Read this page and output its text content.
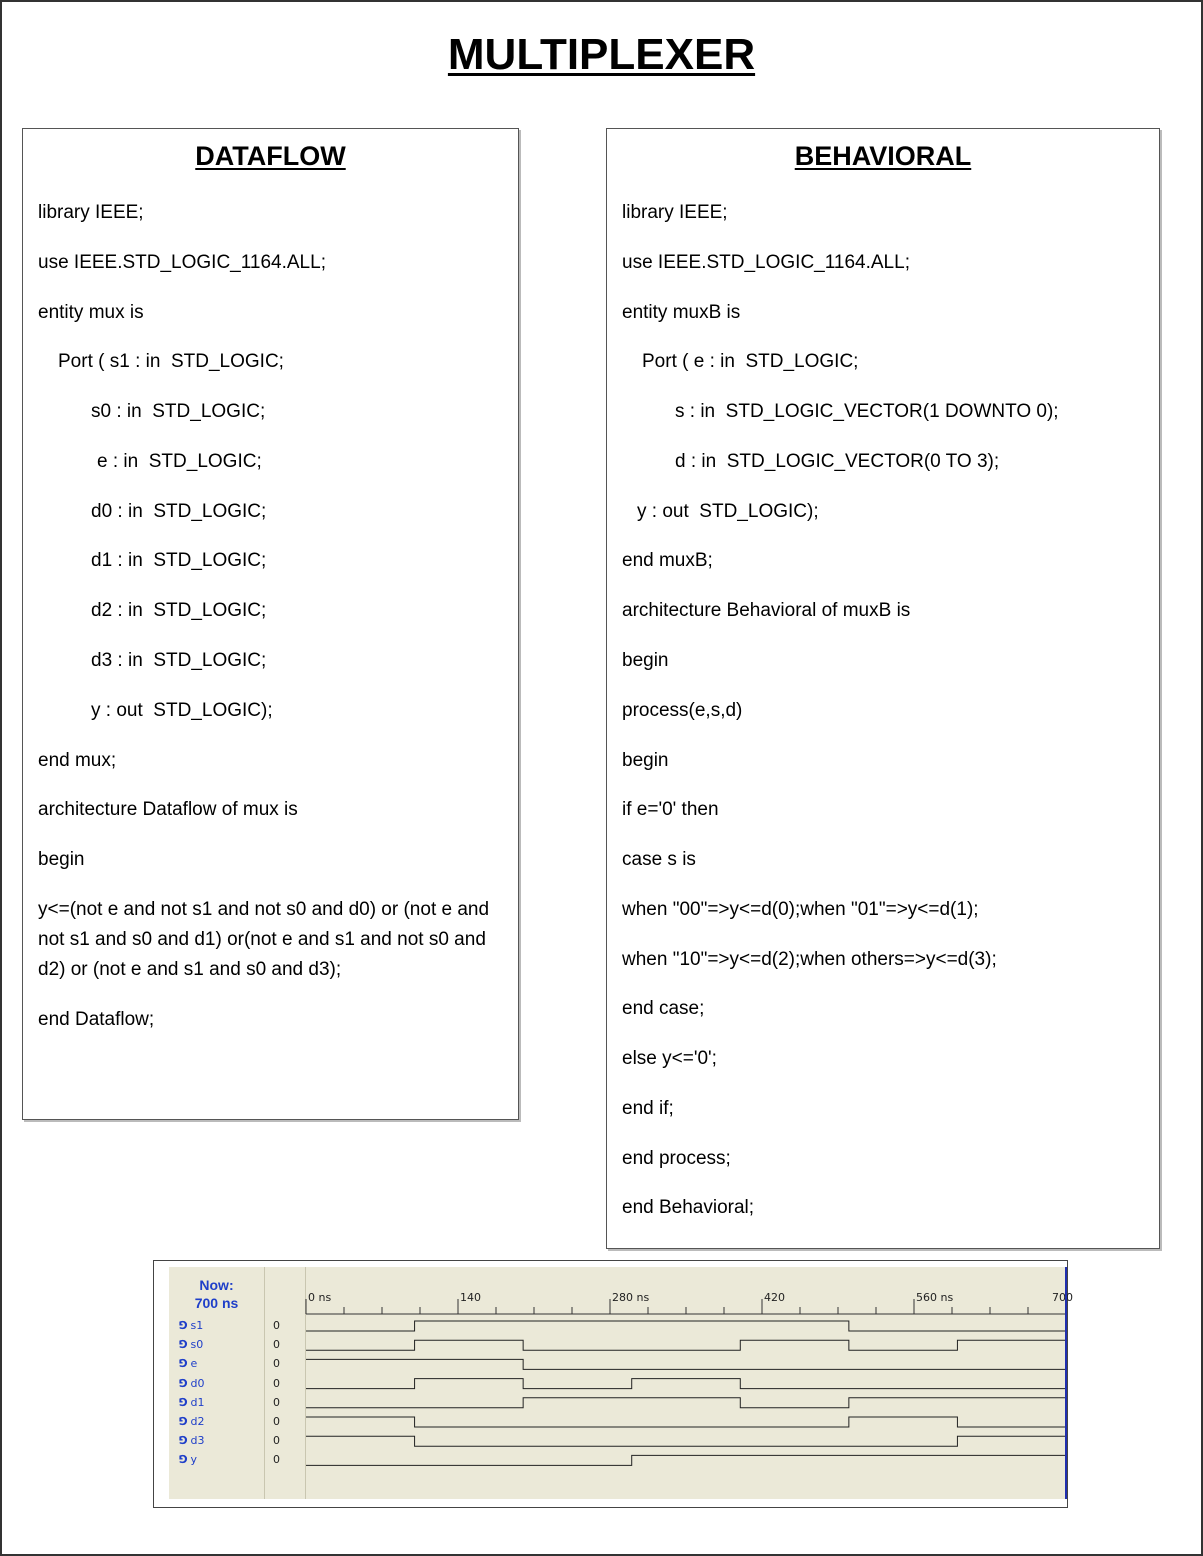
MULTIPLEXER
DATAFLOW
library IEEE;
use IEEE.STD_LOGIC_1164.ALL;
entity mux is
Port ( s1 : in  STD_LOGIC;
s0 : in  STD_LOGIC;
e : in  STD_LOGIC;
d0 : in  STD_LOGIC;
d1 : in  STD_LOGIC;
d2 : in  STD_LOGIC;
d3 : in  STD_LOGIC;
y : out  STD_LOGIC);
end mux;
architecture Dataflow of mux is
begin
y<=(not e and not s1 and not s0 and d0) or (not e and not s1 and s0 and d1) or(not e and s1 and not s0 and d2) or (not e and s1 and s0 and d3);
end Dataflow;
BEHAVIORAL
library IEEE;
use IEEE.STD_LOGIC_1164.ALL;
entity muxB is
Port ( e : in  STD_LOGIC;
s : in  STD_LOGIC_VECTOR(1 DOWNTO 0);
d : in  STD_LOGIC_VECTOR(0 TO 3);
y : out  STD_LOGIC);
end muxB;
architecture Behavioral of muxB is
begin
process(e,s,d)
begin
if e='0' then
case s is
when "00"=>y<=d(0);when "01"=>y<=d(1);
when "10"=>y<=d(2);when others=>y<=d(3);
end case;
else y<='0';
end if;
end process;
end Behavioral;
Now:
700 ns
⅁ s1	0
⅁ s0	0
⅁ e	0
⅁ d0	0
⅁ d1	0
⅁ d2	0
⅁ d3	0
⅁ y	0
0 ns	140	280 ns	420	560 ns	700
